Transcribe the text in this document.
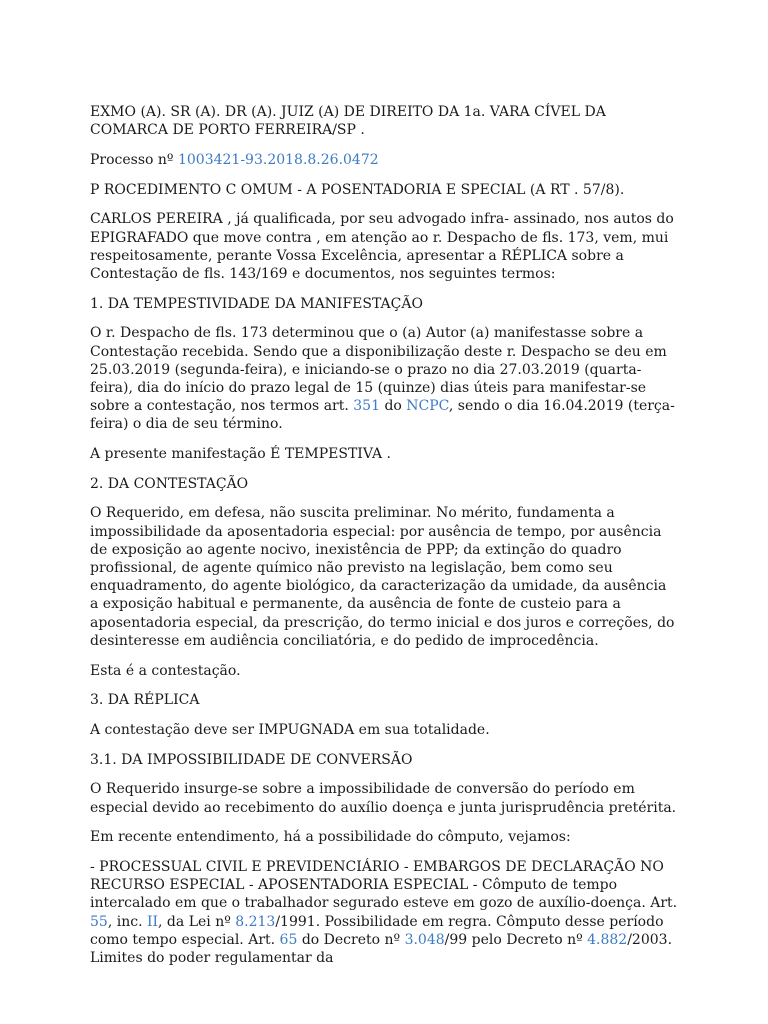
EXMO (A). SR (A). DR (A). JUIZ (A) DE DIREITO DA 1a. VARA CÍVEL DA COMARCA DE PORTO FERREIRA/SP .

Processo nº 1003421-93.2018.8.26.0472

P ROCEDIMENTO C OMUM - A POSENTADORIA E SPECIAL (A RT . 57/8).

CARLOS PEREIRA , já qualificada, por seu advogado infra- assinado, nos autos do EPIGRAFADO que move contra , em atenção ao r. Despacho de fls. 173, vem, mui respeitosamente, perante Vossa Excelência, apresentar a RÉPLICA sobre a Contestação de fls. 143/169 e documentos, nos seguintes termos:

1. DA TEMPESTIVIDADE DA MANIFESTAÇÃO

O r. Despacho de fls. 173 determinou que o (a) Autor (a) manifestasse sobre a Contestação recebida. Sendo que a disponibilização deste r. Despacho se deu em 25.03.2019 (segunda-feira), e iniciando-se o prazo no dia 27.03.2019 (quarta- feira), dia do início do prazo legal de 15 (quinze) dias úteis para manifestar-se sobre a contestação, nos termos art. 351 do NCPC, sendo o dia 16.04.2019 (terça-feira) o dia de seu término.

A presente manifestação É TEMPESTIVA .

2. DA CONTESTAÇÃO

O Requerido, em defesa, não suscita preliminar. No mérito, fundamenta a impossibilidade da aposentadoria especial: por ausência de tempo, por ausência de exposição ao agente nocivo, inexistência de PPP; da extinção do quadro profissional, de agente químico não previsto na legislação, bem como seu enquadramento, do agente biológico, da caracterização da umidade, da ausência a exposição habitual e permanente, da ausência de fonte de custeio para a aposentadoria especial, da prescrição, do termo inicial e dos juros e correções, do desinteresse em audiência conciliatória, e do pedido de improcedência.

Esta é a contestação.

3. DA RÉPLICA

A contestação deve ser IMPUGNADA em sua totalidade.

3.1. DA IMPOSSIBILIDADE DE CONVERSÃO

O Requerido insurge-se sobre a impossibilidade de conversão do período em especial devido ao recebimento do auxílio doença e junta jurisprudência pretérita.

Em recente entendimento, há a possibilidade do cômputo, vejamos:

- PROCESSUAL CIVIL E PREVIDENCIÁRIO - EMBARGOS DE DECLARAÇÃO NO RECURSO ESPECIAL - APOSENTADORIA ESPECIAL - Cômputo de tempo intercalado em que o trabalhador segurado esteve em gozo de auxílio-doença. Art. 55, inc. II, da Lei nº 8.213/1991. Possibilidade em regra. Cômputo desse período como tempo especial. Art. 65 do Decreto nº 3.048/99 pelo Decreto nº 4.882/2003. Limites do poder regulamentar da
